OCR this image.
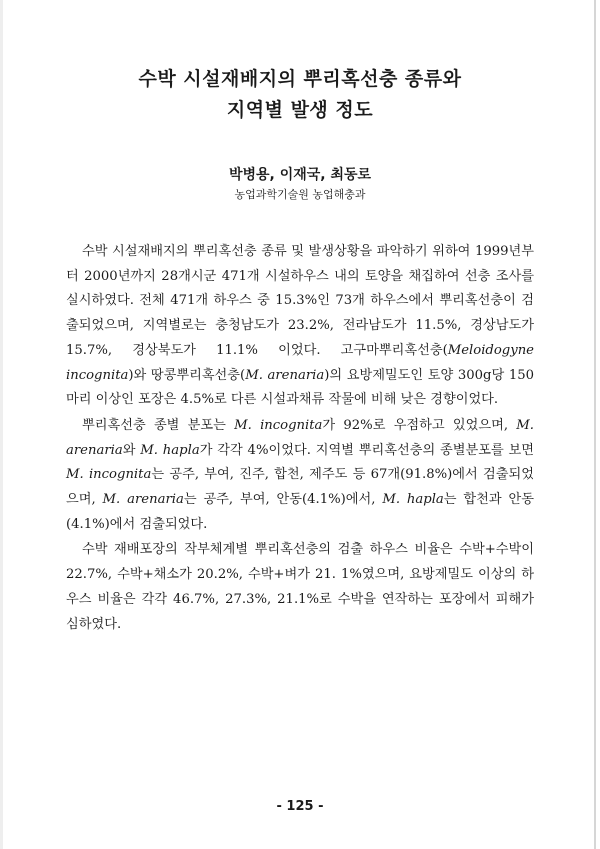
수박 시설재배지의 뿌리혹선충 종류와
지역별 발생 정도
박병용, 이재국, 최동로
농업과학기술원 농업해충과

수박 시설재배지의 뿌리혹선충 종류 및 발생상황을 파악하기 위하여 1999년부터 2000년까지 28개시군 471개 시설하우스 내의 토양을 채집하여 선충 조사를 실시하였다. 전체 471개 하우스 중 15.3%인 73개 하우스에서 뿌리혹선충이 검출되었으며, 지역별로는 충청남도가 23.2%, 전라남도가 11.5%, 경상남도가 15.7%, 경상북도가 11.1% 이었다. 고구마뿌리혹선충(Meloidogyne incognita)와 땅콩뿌리혹선충(M. arenaria)의 요방제밀도인 토양 300g당 150마리 이상인 포장은 4.5%로 다른 시설과채류 작물에 비해 낮은 경향이었다.

뿌리혹선충 종별 분포는 M. incognita가 92%로 우점하고 있었으며, M. arenaria와 M. hapla가 각각 4%이었다. 지역별 뿌리혹선충의 종별분포를 보면 M. incognita는 공주, 부여, 진주, 합천, 제주도 등 67개(91.8%)에서 검출되었으며, M. arenaria는 공주, 부여, 안동(4.1%)에서, M. hapla는 합천과 안동(4.1%)에서 검출되었다.

수박 재배포장의 작부체계별 뿌리혹선충의 검출 하우스 비율은 수박+수박이 22.7%, 수박+채소가 20.2%, 수박+벼가 21. 1%였으며, 요방제밀도 이상의 하우스 비율은 각각 46.7%, 27.3%, 21.1%로 수박을 연작하는 포장에서 피해가 심하였다.

- 125 -
